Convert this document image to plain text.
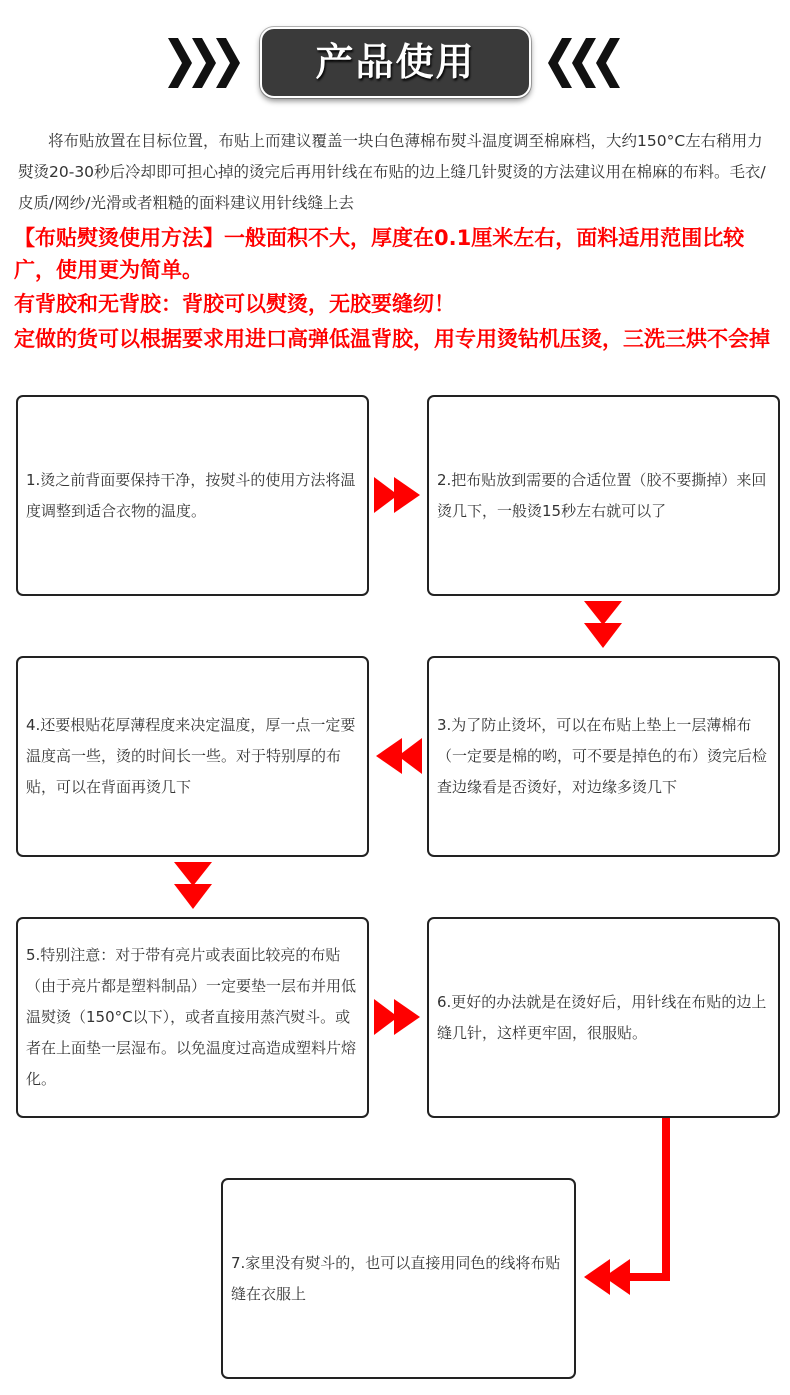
产品使用

将布贴放置在目标位置，布贴上而建议覆盖一块白色薄棉布熨斗温度调至棉麻档，大约150°C左右稍用力熨烫20-30秒后冷却即可担心掉的烫完后再用针线在布贴的边上缝几针熨烫的方法建议用在棉麻的布料。毛衣/皮质/网纱/光滑或者粗糙的面料建议用针线缝上去

【布贴熨烫使用方法】一般面积不大，厚度在0.1厘米左右，面料适用范围比较广，使用更为简单。
有背胶和无背胶：背胶可以熨烫，无胶要缝纫！
定做的货可以根据要求用进口高弹低温背胶，用专用烫钻机压烫，三洗三烘不会掉
1.烫之前背面要保持干净，按熨斗的使用方法将温度调整到适合衣物的温度。
2.把布贴放到需要的合适位置（胶不要撕掉）来回烫几下，一般烫15秒左右就可以了
3.为了防止烫坏，可以在布贴上垫上一层薄棉布（一定要是棉的哟，可不要是掉色的布）烫完后检查边缘看是否烫好，对边缘多烫几下
4.还要根贴花厚薄程度来决定温度，厚一点一定要温度高一些，烫的时间长一些。对于特别厚的布贴，可以在背面再烫几下
5.特别注意：对于带有亮片或表面比较亮的布贴（由于亮片都是塑料制品）一定要垫一层布并用低温熨烫（150°C以下），或者直接用蒸汽熨斗。或者在上面垫一层湿布。以免温度过高造成塑料片熔化。
6.更好的办法就是在烫好后，用针线在布贴的边上缝几针，这样更牢固，很服贴。
7.家里没有熨斗的，也可以直接用同色的线将布贴缝在衣服上
